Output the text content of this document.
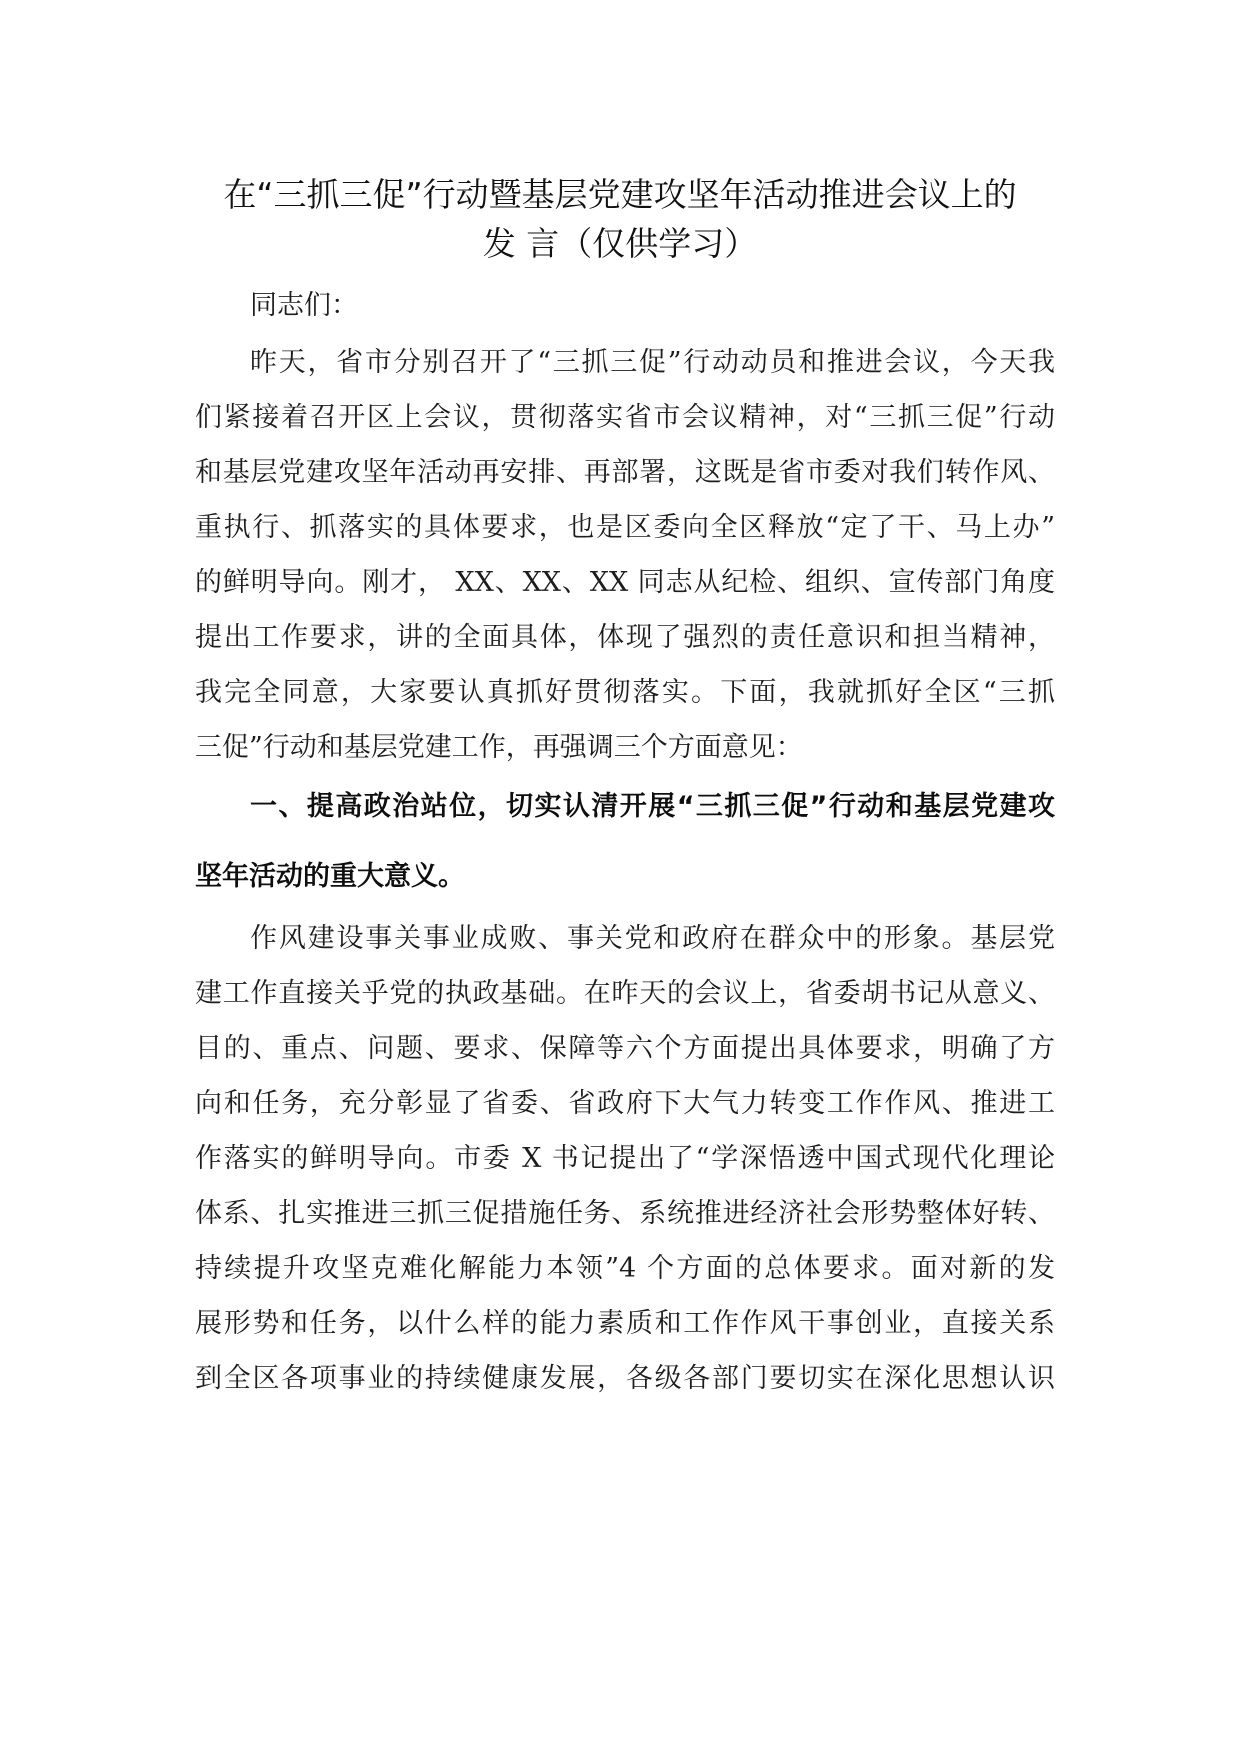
在“三抓三促”行动暨基层党建攻坚年活动推进会议上的
发 言（仅供学习）
同志们：
昨天，省市分别召开了“三抓三促”行动动员和推进会议，今天我
们紧接着召开区上会议，贯彻落实省市会议精神，对“三抓三促”行动
和基层党建攻坚年活动再安排、再部署，这既是省市委对我们转作风、
重执行、抓落实的具体要求，也是区委向全区释放“定了干、马上办”
的鲜明导向。刚才， XX、XX、XX 同志从纪检、组织、宣传部门角度
提出工作要求，讲的全面具体，体现了强烈的责任意识和担当精神，
我完全同意，大家要认真抓好贯彻落实。下面，我就抓好全区“三抓
三促”行动和基层党建工作，再强调三个方面意见：
一、提高政治站位，切实认清开展“三抓三促”行动和基层党建攻
坚年活动的重大意义。
作风建设事关事业成败、事关党和政府在群众中的形象。基层党
建工作直接关乎党的执政基础。在昨天的会议上，省委胡书记从意义、
目的、重点、问题、要求、保障等六个方面提出具体要求，明确了方
向和任务，充分彰显了省委、省政府下大气力转变工作作风、推进工
作落实的鲜明导向。市委 X 书记提出了“学深悟透中国式现代化理论
体系、扎实推进三抓三促措施任务、系统推进经济社会形势整体好转、
持续提升攻坚克难化解能力本领”4 个方面的总体要求。面对新的发
展形势和任务，以什么样的能力素质和工作作风干事创业，直接关系
到全区各项事业的持续健康发展，各级各部门要切实在深化思想认识
